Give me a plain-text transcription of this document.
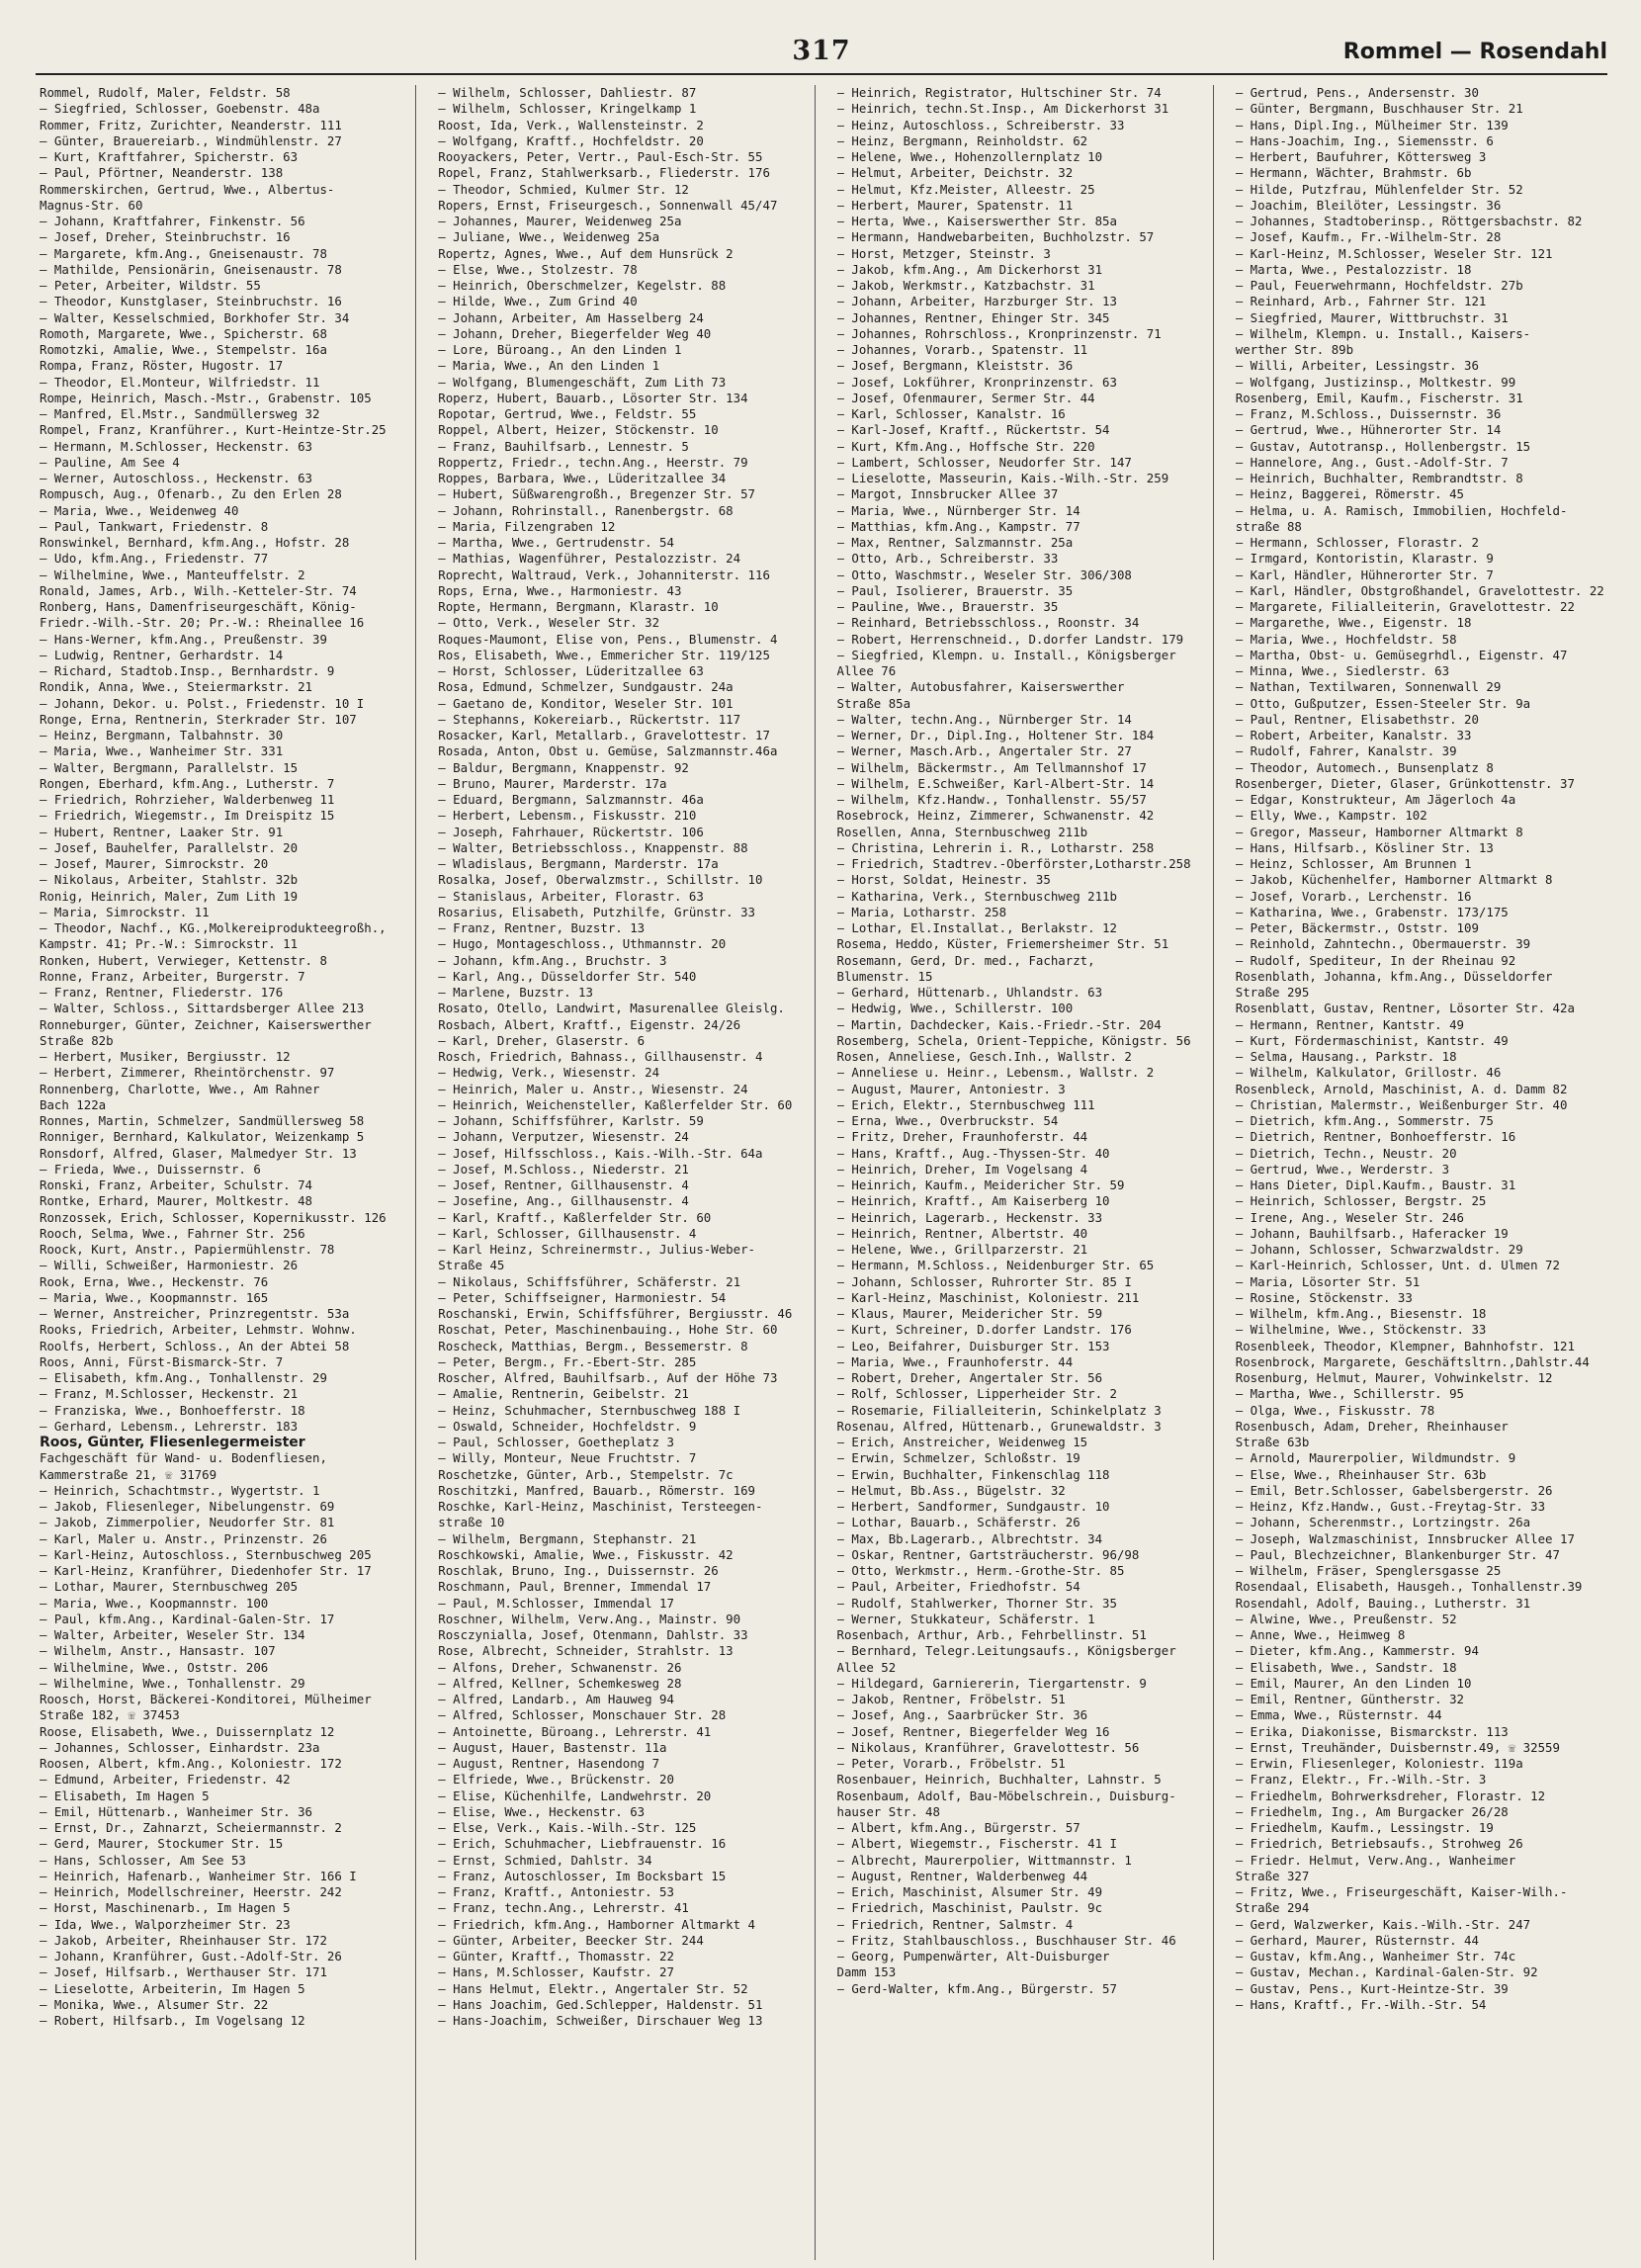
317	Rommel — Rosendahl
Rommel, Rudolf, Maler, Feldstr. 58
— Siegfried, Schlosser, Goebenstr. 48a
Rommer, Fritz, Zurichter, Neanderstr. 111
— Günter, Brauereiarb., Windmühlenstr. 27
— Kurt, Kraftfahrer, Spicherstr. 63
— Paul, Pförtner, Neanderstr. 138
Rommerskirchen, Gertrud, Wwe., Albertus-
Magnus-Str. 60
— Johann, Kraftfahrer, Finkenstr. 56
— Josef, Dreher, Steinbruchstr. 16
— Margarete, kfm.Ang., Gneisenaustr. 78
— Mathilde, Pensionärin, Gneisenaustr. 78
— Peter, Arbeiter, Wildstr. 55
— Theodor, Kunstglaser, Steinbruchstr. 16
— Walter, Kesselschmied, Borkhofer Str. 34
Romoth, Margarete, Wwe., Spicherstr. 68
Romotzki, Amalie, Wwe., Stempelstr. 16a
Rompa, Franz, Röster, Hugostr. 17
— Theodor, El.Monteur, Wilfriedstr. 11
Rompe, Heinrich, Masch.-Mstr., Grabenstr. 105
— Manfred, El.Mstr., Sandmüllersweg 32
Rompel, Franz, Kranführer., Kurt-Heintze-Str.25
— Hermann, M.Schlosser, Heckenstr. 63
— Pauline, Am See 4
— Werner, Autoschloss., Heckenstr. 63
Rompusch, Aug., Ofenarb., Zu den Erlen 28
— Maria, Wwe., Weidenweg 40
— Paul, Tankwart, Friedenstr. 8
Ronswinkel, Bernhard, kfm.Ang., Hofstr. 28
— Udo, kfm.Ang., Friedenstr. 77
— Wilhelmine, Wwe., Manteuffelstr. 2
Ronald, James, Arb., Wilh.-Ketteler-Str. 74
Ronberg, Hans, Damenfriseurgeschäft, König-
Friedr.-Wilh.-Str. 20; Pr.-W.: Rheinallee 16
— Hans-Werner, kfm.Ang., Preußenstr. 39
— Ludwig, Rentner, Gerhardstr. 14
— Richard, Stadtob.Insp., Bernhardstr. 9
Rondik, Anna, Wwe., Steiermarkstr. 21
— Johann, Dekor. u. Polst., Friedenstr. 10 I
Ronge, Erna, Rentnerin, Sterkrader Str. 107
— Heinz, Bergmann, Talbahnstr. 30
— Maria, Wwe., Wanheimer Str. 331
— Walter, Bergmann, Parallelstr. 15
Rongen, Eberhard, kfm.Ang., Lutherstr. 7
— Friedrich, Rohrzieher, Walderbenweg 11
— Friedrich, Wiegemstr., Im Dreispitz 15
— Hubert, Rentner, Laaker Str. 91
— Josef, Bauhelfer, Parallelstr. 20
— Josef, Maurer, Simrockstr. 20
— Nikolaus, Arbeiter, Stahlstr. 32b
Ronig, Heinrich, Maler, Zum Lith 19
— Maria, Simrockstr. 11
— Theodor, Nachf., KG.,Molkereiprodukteegroßh.,
Kampstr. 41; Pr.-W.: Simrockstr. 11
Ronken, Hubert, Verwieger, Kettenstr. 8
Ronne, Franz, Arbeiter, Burgerstr. 7
— Franz, Rentner, Fliederstr. 176
— Walter, Schloss., Sittardsberger Allee 213
Ronneburger, Günter, Zeichner, Kaiserswerther
Straße 82b
— Herbert, Musiker, Bergiusstr. 12
— Herbert, Zimmerer, Rheintörchenstr. 97
Ronnenberg, Charlotte, Wwe., Am Rahner
Bach 122a
Ronnes, Martin, Schmelzer, Sandmüllersweg 58
Ronniger, Bernhard, Kalkulator, Weizenkamp 5
Ronsdorf, Alfred, Glaser, Malmedyer Str. 13
— Frieda, Wwe., Duissernstr. 6
Ronski, Franz, Arbeiter, Schulstr. 74
Rontke, Erhard, Maurer, Moltkestr. 48
Ronzossek, Erich, Schlosser, Kopernikusstr. 126
Rooch, Selma, Wwe., Fahrner Str. 256
Roock, Kurt, Anstr., Papiermühlenstr. 78
— Willi, Schweißer, Harmoniestr. 26
Rook, Erna, Wwe., Heckenstr. 76
— Maria, Wwe., Koopmannstr. 165
— Werner, Anstreicher, Prinzregentstr. 53a
Rooks, Friedrich, Arbeiter, Lehmstr. Wohnw.
Roolfs, Herbert, Schloss., An der Abtei 58
Roos, Anni, Fürst-Bismarck-Str. 7
— Elisabeth, kfm.Ang., Tonhallenstr. 29
— Franz, M.Schlosser, Heckenstr. 21
— Franziska, Wwe., Bonhoefferstr. 18
— Gerhard, Lebensm., Lehrerstr. 183
Roos, Günter, Fliesenlegermeister
Fachgeschäft für Wand- u. Bodenfliesen,
Kammerstraße 21, ☏ 31769
— Heinrich, Schachtmstr., Wygertstr. 1
— Jakob, Fliesenleger, Nibelungenstr. 69
— Jakob, Zimmerpolier, Neudorfer Str. 81
— Karl, Maler u. Anstr., Prinzenstr. 26
— Karl-Heinz, Autoschloss., Sternbuschweg 205
— Karl-Heinz, Kranführer, Diedenhofer Str. 17
— Lothar, Maurer, Sternbuschweg 205
— Maria, Wwe., Koopmannstr. 100
— Paul, kfm.Ang., Kardinal-Galen-Str. 17
— Walter, Arbeiter, Weseler Str. 134
— Wilhelm, Anstr., Hansastr. 107
— Wilhelmine, Wwe., Oststr. 206
— Wilhelmine, Wwe., Tonhallenstr. 29
Roosch, Horst, Bäckerei-Konditorei, Mülheimer
Straße 182, ☏ 37453
Roose, Elisabeth, Wwe., Duissernplatz 12
— Johannes, Schlosser, Einhardstr. 23a
Roosen, Albert, kfm.Ang., Koloniestr. 172
— Edmund, Arbeiter, Friedenstr. 42
— Elisabeth, Im Hagen 5
— Emil, Hüttenarb., Wanheimer Str. 36
— Ernst, Dr., Zahnarzt, Scheiermannstr. 2
— Gerd, Maurer, Stockumer Str. 15
— Hans, Schlosser, Am See 53
— Heinrich, Hafenarb., Wanheimer Str. 166 I
— Heinrich, Modellschreiner, Heerstr. 242
— Horst, Maschinenarb., Im Hagen 5
— Ida, Wwe., Walporzheimer Str. 23
— Jakob, Arbeiter, Rheinhauser Str. 172
— Johann, Kranführer, Gust.-Adolf-Str. 26
— Josef, Hilfsarb., Werthauser Str. 171
— Lieselotte, Arbeiterin, Im Hagen 5
— Monika, Wwe., Alsumer Str. 22
— Robert, Hilfsarb., Im Vogelsang 12
— Wilhelm, Schlosser, Dahliestr. 87
— Wilhelm, Schlosser, Kringelkamp 1
Roost, Ida, Verk., Wallensteinstr. 2
— Wolfgang, Kraftf., Hochfeldstr. 20
Rooyackers, Peter, Vertr., Paul-Esch-Str. 55
Ropel, Franz, Stahlwerksarb., Fliederstr. 176
— Theodor, Schmied, Kulmer Str. 12
Ropers, Ernst, Friseurgesch., Sonnenwall 45/47
— Johannes, Maurer, Weidenweg 25a
— Juliane, Wwe., Weidenweg 25a
Ropertz, Agnes, Wwe., Auf dem Hunsrück 2
— Else, Wwe., Stolzestr. 78
— Heinrich, Oberschmelzer, Kegelstr. 88
— Hilde, Wwe., Zum Grind 40
— Johann, Arbeiter, Am Hasselberg 24
— Johann, Dreher, Biegerfelder Weg 40
— Lore, Büroang., An den Linden 1
— Maria, Wwe., An den Linden 1
— Wolfgang, Blumengeschäft, Zum Lith 73
Roperz, Hubert, Bauarb., Lösorter Str. 134
Ropotar, Gertrud, Wwe., Feldstr. 55
Roppel, Albert, Heizer, Stöckenstr. 10
— Franz, Bauhilfsarb., Lennestr. 5
Roppertz, Friedr., techn.Ang., Heerstr. 79
Roppes, Barbara, Wwe., Lüderitzallee 34
— Hubert, Süßwarengroßh., Bregenzer Str. 57
— Johann, Rohrinstall., Ranenbergstr. 68
— Maria, Filzengraben 12
— Martha, Wwe., Gertrudenstr. 54
— Mathias, Wagenführer, Pestalozzistr. 24
Roprecht, Waltraud, Verk., Johanniterstr. 116
Rops, Erna, Wwe., Harmoniestr. 43
Ropte, Hermann, Bergmann, Klarastr. 10
— Otto, Verk., Weseler Str. 32
Roques-Maumont, Elise von, Pens., Blumenstr. 4
Ros, Elisabeth, Wwe., Emmericher Str. 119/125
— Horst, Schlosser, Lüderitzallee 63
Rosa, Edmund, Schmelzer, Sundgaustr. 24a
— Gaetano de, Konditor, Weseler Str. 101
— Stephanns, Kokereiarb., Rückertstr. 117
Rosacker, Karl, Metallarb., Gravelottestr. 17
Rosada, Anton, Obst u. Gemüse, Salzmannstr.46a
— Baldur, Bergmann, Knappenstr. 92
— Bruno, Maurer, Marderstr. 17a
— Eduard, Bergmann, Salzmannstr. 46a
— Herbert, Lebensm., Fiskusstr. 210
— Joseph, Fahrhauer, Rückertstr. 106
— Walter, Betriebsschloss., Knappenstr. 88
— Wladislaus, Bergmann, Marderstr. 17a
Rosalka, Josef, Oberwalzmstr., Schillstr. 10
— Stanislaus, Arbeiter, Florastr. 63
Rosarius, Elisabeth, Putzhilfe, Grünstr. 33
— Franz, Rentner, Buzstr. 13
— Hugo, Montageschloss., Uthmannstr. 20
— Johann, kfm.Ang., Bruchstr. 3
— Karl, Ang., Düsseldorfer Str. 540
— Marlene, Buzstr. 13
Rosato, Otello, Landwirt, Masurenallee Gleislg.
Rosbach, Albert, Kraftf., Eigenstr. 24/26
— Karl, Dreher, Glaserstr. 6
Rosch, Friedrich, Bahnass., Gillhausenstr. 4
— Hedwig, Verk., Wiesenstr. 24
— Heinrich, Maler u. Anstr., Wiesenstr. 24
— Heinrich, Weichensteller, Kaßlerfelder Str. 60
— Johann, Schiffsführer, Karlstr. 59
— Johann, Verputzer, Wiesenstr. 24
— Josef, Hilfsschloss., Kais.-Wilh.-Str. 64a
— Josef, M.Schloss., Niederstr. 21
— Josef, Rentner, Gillhausenstr. 4
— Josefine, Ang., Gillhausenstr. 4
— Karl, Kraftf., Kaßlerfelder Str. 60
— Karl, Schlosser, Gillhausenstr. 4
— Karl Heinz, Schreinermstr., Julius-Weber-
Straße 45
— Nikolaus, Schiffsführer, Schäferstr. 21
— Peter, Schiffseigner, Harmoniestr. 54
Roschanski, Erwin, Schiffsführer, Bergiusstr. 46
Roschat, Peter, Maschinenbauing., Hohe Str. 60
Roscheck, Matthias, Bergm., Bessemerstr. 8
— Peter, Bergm., Fr.-Ebert-Str. 285
Roscher, Alfred, Bauhilfsarb., Auf der Höhe 73
— Amalie, Rentnerin, Geibelstr. 21
— Heinz, Schuhmacher, Sternbuschweg 188 I
— Oswald, Schneider, Hochfeldstr. 9
— Paul, Schlosser, Goetheplatz 3
— Willy, Monteur, Neue Fruchtstr. 7
Roschetzke, Günter, Arb., Stempelstr. 7c
Roschitzki, Manfred, Bauarb., Römerstr. 169
Roschke, Karl-Heinz, Maschinist, Tersteegen-
straße 10
— Wilhelm, Bergmann, Stephanstr. 21
Roschkowski, Amalie, Wwe., Fiskusstr. 42
Roschlak, Bruno, Ing., Duissernstr. 26
Roschmann, Paul, Brenner, Immendal 17
— Paul, M.Schlosser, Immendal 17
Roschner, Wilhelm, Verw.Ang., Mainstr. 90
Rosczynialla, Josef, Otenmann, Dahlstr. 33
Rose, Albrecht, Schneider, Strahlstr. 13
— Alfons, Dreher, Schwanenstr. 26
— Alfred, Kellner, Schemkesweg 28
— Alfred, Landarb., Am Hauweg 94
— Alfred, Schlosser, Monschauer Str. 28
— Antoinette, Büroang., Lehrerstr. 41
— August, Hauer, Bastenstr. 11a
— August, Rentner, Hasendong 7
— Elfriede, Wwe., Brückenstr. 20
— Elise, Küchenhilfe, Landwehrstr. 20
— Elise, Wwe., Heckenstr. 63
— Else, Verk., Kais.-Wilh.-Str. 125
— Erich, Schuhmacher, Liebfrauenstr. 16
— Ernst, Schmied, Dahlstr. 34
— Franz, Autoschlosser, Im Bocksbart 15
— Franz, Kraftf., Antoniestr. 53
— Franz, techn.Ang., Lehrerstr. 41
— Friedrich, kfm.Ang., Hamborner Altmarkt 4
— Günter, Arbeiter, Beecker Str. 244
— Günter, Kraftf., Thomasstr. 22
— Hans, M.Schlosser, Kaufstr. 27
— Hans Helmut, Elektr., Angertaler Str. 52
— Hans Joachim, Ged.Schlepper, Haldenstr. 51
— Hans-Joachim, Schweißer, Dirschauer Weg 13
— Heinrich, Registrator, Hultschiner Str. 74
— Heinrich, techn.St.Insp., Am Dickerhorst 31
— Heinz, Autoschloss., Schreiberstr. 33
— Heinz, Bergmann, Reinholdstr. 62
— Helene, Wwe., Hohenzollernplatz 10
— Helmut, Arbeiter, Deichstr. 32
— Helmut, Kfz.Meister, Alleestr. 25
— Herbert, Maurer, Spatenstr. 11
— Herta, Wwe., Kaiserswerther Str. 85a
— Hermann, Handwebarbeiten, Buchholzstr. 57
— Horst, Metzger, Steinstr. 3
— Jakob, kfm.Ang., Am Dickerhorst 31
— Jakob, Werkmstr., Katzbachstr. 31
— Johann, Arbeiter, Harzburger Str. 13
— Johannes, Rentner, Ehinger Str. 345
— Johannes, Rohrschloss., Kronprinzenstr. 71
— Johannes, Vorarb., Spatenstr. 11
— Josef, Bergmann, Kleiststr. 36
— Josef, Lokführer, Kronprinzenstr. 63
— Josef, Ofenmaurer, Sermer Str. 44
— Karl, Schlosser, Kanalstr. 16
— Karl-Josef, Kraftf., Rückertstr. 54
— Kurt, Kfm.Ang., Hoffsche Str. 220
— Lambert, Schlosser, Neudorfer Str. 147
— Lieselotte, Masseurin, Kais.-Wilh.-Str. 259
— Margot, Innsbrucker Allee 37
— Maria, Wwe., Nürnberger Str. 14
— Matthias, kfm.Ang., Kampstr. 77
— Max, Rentner, Salzmannstr. 25a
— Otto, Arb., Schreiberstr. 33
— Otto, Waschmstr., Weseler Str. 306/308
— Paul, Isolierer, Brauerstr. 35
— Pauline, Wwe., Brauerstr. 35
— Reinhard, Betriebsschloss., Roonstr. 34
— Robert, Herrenschneid., D.dorfer Landstr. 179
— Siegfried, Klempn. u. Install., Königsberger
Allee 76
— Walter, Autobusfahrer, Kaiserswerther
Straße 85a
— Walter, techn.Ang., Nürnberger Str. 14
— Werner, Dr., Dipl.Ing., Holtener Str. 184
— Werner, Masch.Arb., Angertaler Str. 27
— Wilhelm, Bäckermstr., Am Tellmannshof 17
— Wilhelm, E.Schweißer, Karl-Albert-Str. 14
— Wilhelm, Kfz.Handw., Tonhallenstr. 55/57
Rosebrock, Heinz, Zimmerer, Schwanenstr. 42
Rosellen, Anna, Sternbuschweg 211b
— Christina, Lehrerin i. R., Lotharstr. 258
— Friedrich, Stadtrev.-Oberförster,Lotharstr.258
— Horst, Soldat, Heinestr. 35
— Katharina, Verk., Sternbuschweg 211b
— Maria, Lotharstr. 258
— Lothar, El.Installat., Berlakstr. 12
Rosema, Heddo, Küster, Friemersheimer Str. 51
Rosemann, Gerd, Dr. med., Facharzt,
Blumenstr. 15
— Gerhard, Hüttenarb., Uhlandstr. 63
— Hedwig, Wwe., Schillerstr. 100
— Martin, Dachdecker, Kais.-Friedr.-Str. 204
Rosemberg, Schela, Orient-Teppiche, Königstr. 56
Rosen, Anneliese, Gesch.Inh., Wallstr. 2
— Anneliese u. Heinr., Lebensm., Wallstr. 2
— August, Maurer, Antoniestr. 3
— Erich, Elektr., Sternbuschweg 111
— Erna, Wwe., Overbruckstr. 54
— Fritz, Dreher, Fraunhoferstr. 44
— Hans, Kraftf., Aug.-Thyssen-Str. 40
— Heinrich, Dreher, Im Vogelsang 4
— Heinrich, Kaufm., Meidericher Str. 59
— Heinrich, Kraftf., Am Kaiserberg 10
— Heinrich, Lagerarb., Heckenstr. 33
— Heinrich, Rentner, Albertstr. 40
— Helene, Wwe., Grillparzerstr. 21
— Hermann, M.Schloss., Neidenburger Str. 65
— Johann, Schlosser, Ruhrorter Str. 85 I
— Karl-Heinz, Maschinist, Koloniestr. 211
— Klaus, Maurer, Meidericher Str. 59
— Kurt, Schreiner, D.dorfer Landstr. 176
— Leo, Beifahrer, Duisburger Str. 153
— Maria, Wwe., Fraunhoferstr. 44
— Robert, Dreher, Angertaler Str. 56
— Rolf, Schlosser, Lipperheider Str. 2
— Rosemarie, Filialleiterin, Schinkelplatz 3
Rosenau, Alfred, Hüttenarb., Grunewaldstr. 3
— Erich, Anstreicher, Weidenweg 15
— Erwin, Schmelzer, Schloßstr. 19
— Erwin, Buchhalter, Finkenschlag 118
— Helmut, Bb.Ass., Bügelstr. 32
— Herbert, Sandformer, Sundgaustr. 10
— Lothar, Bauarb., Schäferstr. 26
— Max, Bb.Lagerarb., Albrechtstr. 34
— Oskar, Rentner, Gartsträucherstr. 96/98
— Otto, Werkmstr., Herm.-Grothe-Str. 85
— Paul, Arbeiter, Friedhofstr. 54
— Rudolf, Stahlwerker, Thorner Str. 35
— Werner, Stukkateur, Schäferstr. 1
Rosenbach, Arthur, Arb., Fehrbellinstr. 51
— Bernhard, Telegr.Leitungsaufs., Königsberger
Allee 52
— Hildegard, Garniererin, Tiergartenstr. 9
— Jakob, Rentner, Fröbelstr. 51
— Josef, Ang., Saarbrücker Str. 36
— Josef, Rentner, Biegerfelder Weg 16
— Nikolaus, Kranführer, Gravelottestr. 56
— Peter, Vorarb., Fröbelstr. 51
Rosenbauer, Heinrich, Buchhalter, Lahnstr. 5
Rosenbaum, Adolf, Bau-Möbelschrein., Duisburg-
hauser Str. 48
— Albert, kfm.Ang., Bürgerstr. 57
— Albert, Wiegemstr., Fischerstr. 41 I
— Albrecht, Maurerpolier, Wittmannstr. 1
— August, Rentner, Walderbenweg 44
— Erich, Maschinist, Alsumer Str. 49
— Friedrich, Maschinist, Paulstr. 9c
— Friedrich, Rentner, Salmstr. 4
— Fritz, Stahlbauschloss., Buschhauser Str. 46
— Georg, Pumpenwärter, Alt-Duisburger
Damm 153
— Gerd-Walter, kfm.Ang., Bürgerstr. 57
— Gertrud, Pens., Andersenstr. 30
— Günter, Bergmann, Buschhauser Str. 21
— Hans, Dipl.Ing., Mülheimer Str. 139
— Hans-Joachim, Ing., Siemensstr. 6
— Herbert, Baufuhrer, Köttersweg 3
— Hermann, Wächter, Brahmstr. 6b
— Hilde, Putzfrau, Mühlenfelder Str. 52
— Joachim, Bleilöter, Lessingstr. 36
— Johannes, Stadtoberinsp., Röttgersbachstr. 82
— Josef, Kaufm., Fr.-Wilhelm-Str. 28
— Karl-Heinz, M.Schlosser, Weseler Str. 121
— Marta, Wwe., Pestalozzistr. 18
— Paul, Feuerwehrmann, Hochfeldstr. 27b
— Reinhard, Arb., Fahrner Str. 121
— Siegfried, Maurer, Wittbruchstr. 31
— Wilhelm, Klempn. u. Install., Kaisers-
werther Str. 89b
— Willi, Arbeiter, Lessingstr. 36
— Wolfgang, Justizinsp., Moltkestr. 99
Rosenberg, Emil, Kaufm., Fischerstr. 31
— Franz, M.Schloss., Duissernstr. 36
— Gertrud, Wwe., Hühnerorter Str. 14
— Gustav, Autotransp., Hollenbergstr. 15
— Hannelore, Ang., Gust.-Adolf-Str. 7
— Heinrich, Buchhalter, Rembrandtstr. 8
— Heinz, Baggerei, Römerstr. 45
— Helma, u. A. Ramisch, Immobilien, Hochfeld-
straße 88
— Hermann, Schlosser, Florastr. 2
— Irmgard, Kontoristin, Klarastr. 9
— Karl, Händler, Hühnerorter Str. 7
— Karl, Händler, Obstgroßhandel, Gravelottestr. 22
— Margarete, Filialleiterin, Gravelottestr. 22
— Margarethe, Wwe., Eigenstr. 18
— Maria, Wwe., Hochfeldstr. 58
— Martha, Obst- u. Gemüsegrhdl., Eigenstr. 47
— Minna, Wwe., Siedlerstr. 63
— Nathan, Textilwaren, Sonnenwall 29
— Otto, Gußputzer, Essen-Steeler Str. 9a
— Paul, Rentner, Elisabethstr. 20
— Robert, Arbeiter, Kanalstr. 33
— Rudolf, Fahrer, Kanalstr. 39
— Theodor, Automech., Bunsenplatz 8
Rosenberger, Dieter, Glaser, Grünkottenstr. 37
— Edgar, Konstrukteur, Am Jägerloch 4a
— Elly, Wwe., Kampstr. 102
— Gregor, Masseur, Hamborner Altmarkt 8
— Hans, Hilfsarb., Kösliner Str. 13
— Heinz, Schlosser, Am Brunnen 1
— Jakob, Küchenhelfer, Hamborner Altmarkt 8
— Josef, Vorarb., Lerchenstr. 16
— Katharina, Wwe., Grabenstr. 173/175
— Peter, Bäckermstr., Oststr. 109
— Reinhold, Zahntechn., Obermauerstr. 39
— Rudolf, Spediteur, In der Rheinau 92
Rosenblath, Johanna, kfm.Ang., Düsseldorfer
Straße 295
Rosenblatt, Gustav, Rentner, Lösorter Str. 42a
— Hermann, Rentner, Kantstr. 49
— Kurt, Fördermaschinist, Kantstr. 49
— Selma, Hausang., Parkstr. 18
— Wilhelm, Kalkulator, Grillostr. 46
Rosenbleck, Arnold, Maschinist, A. d. Damm 82
— Christian, Malermstr., Weißenburger Str. 40
— Dietrich, kfm.Ang., Sommerstr. 75
— Dietrich, Rentner, Bonhoefferstr. 16
— Dietrich, Techn., Neustr. 20
— Gertrud, Wwe., Werderstr. 3
— Hans Dieter, Dipl.Kaufm., Baustr. 31
— Heinrich, Schlosser, Bergstr. 25
— Irene, Ang., Weseler Str. 246
— Johann, Bauhilfsarb., Haferacker 19
— Johann, Schlosser, Schwarzwaldstr. 29
— Karl-Heinrich, Schlosser, Unt. d. Ulmen 72
— Maria, Lösorter Str. 51
— Rosine, Stöckenstr. 33
— Wilhelm, kfm.Ang., Biesenstr. 18
— Wilhelmine, Wwe., Stöckenstr. 33
Rosenbleek, Theodor, Klempner, Bahnhofstr. 121
Rosenbrock, Margarete, Geschäftsltrn.,Dahlstr.44
Rosenburg, Helmut, Maurer, Vohwinkelstr. 12
— Martha, Wwe., Schillerstr. 95
— Olga, Wwe., Fiskusstr. 78
Rosenbusch, Adam, Dreher, Rheinhauser
Straße 63b
— Arnold, Maurerpolier, Wildmundstr. 9
— Else, Wwe., Rheinhauser Str. 63b
— Emil, Betr.Schlosser, Gabelsbergerstr. 26
— Heinz, Kfz.Handw., Gust.-Freytag-Str. 33
— Johann, Scherenmstr., Lortzingstr. 26a
— Joseph, Walzmaschinist, Innsbrucker Allee 17
— Paul, Blechzeichner, Blankenburger Str. 47
— Wilhelm, Fräser, Spenglersgasse 25
Rosendaal, Elisabeth, Hausgeh., Tonhallenstr.39
Rosendahl, Adolf, Bauing., Lutherstr. 31
— Alwine, Wwe., Preußenstr. 52
— Anne, Wwe., Heimweg 8
— Dieter, kfm.Ang., Kammerstr. 94
— Elisabeth, Wwe., Sandstr. 18
— Emil, Maurer, An den Linden 10
— Emil, Rentner, Güntherstr. 32
— Emma, Wwe., Rüsternstr. 44
— Erika, Diakonisse, Bismarckstr. 113
— Ernst, Treuhänder, Duisbernstr.49, ☏ 32559
— Erwin, Fliesenleger, Koloniestr. 119a
— Franz, Elektr., Fr.-Wilh.-Str. 3
— Friedhelm, Bohrwerksdreher, Florastr. 12
— Friedhelm, Ing., Am Burgacker 26/28
— Friedhelm, Kaufm., Lessingstr. 19
— Friedrich, Betriebsaufs., Strohweg 26
— Friedr. Helmut, Verw.Ang., Wanheimer
Straße 327
— Fritz, Wwe., Friseurgeschäft, Kaiser-Wilh.-
Straße 294
— Gerd, Walzwerker, Kais.-Wilh.-Str. 247
— Gerhard, Maurer, Rüsternstr. 44
— Gustav, kfm.Ang., Wanheimer Str. 74c
— Gustav, Mechan., Kardinal-Galen-Str. 92
— Gustav, Pens., Kurt-Heintze-Str. 39
— Hans, Kraftf., Fr.-Wilh.-Str. 54
